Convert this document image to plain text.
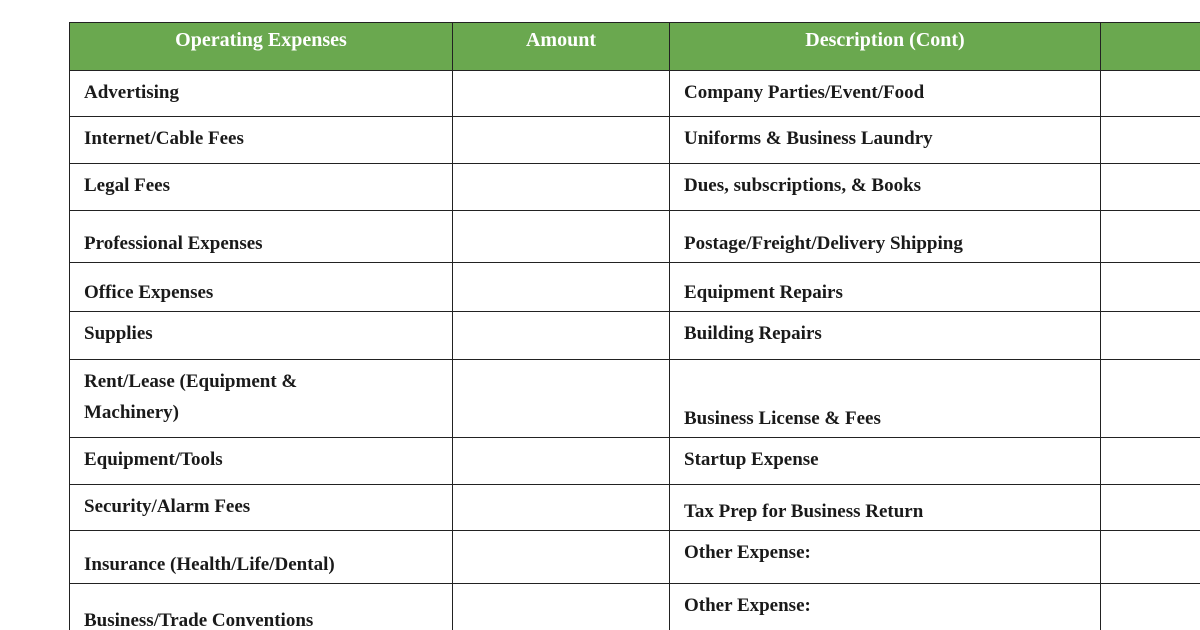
Operating Expenses	Amount	Description (Cont)	
Advertising		Company Parties/Event/Food	
Internet/Cable Fees		Uniforms & Business Laundry	
Legal Fees		Dues, subscriptions, & Books	
Professional Expenses		Postage/Freight/Delivery Shipping	
Office Expenses		Equipment Repairs	
Supplies		Building Repairs	

Rent/Lease (Equipment &
Machinery)		Business License & Fees	
Equipment/Tools		Startup Expense	
Security/Alarm Fees		Tax Prep for Business Return	
Insurance (Health/Life/Dental)		Other Expense:	
Business/Trade Conventions		Other Expense:	
